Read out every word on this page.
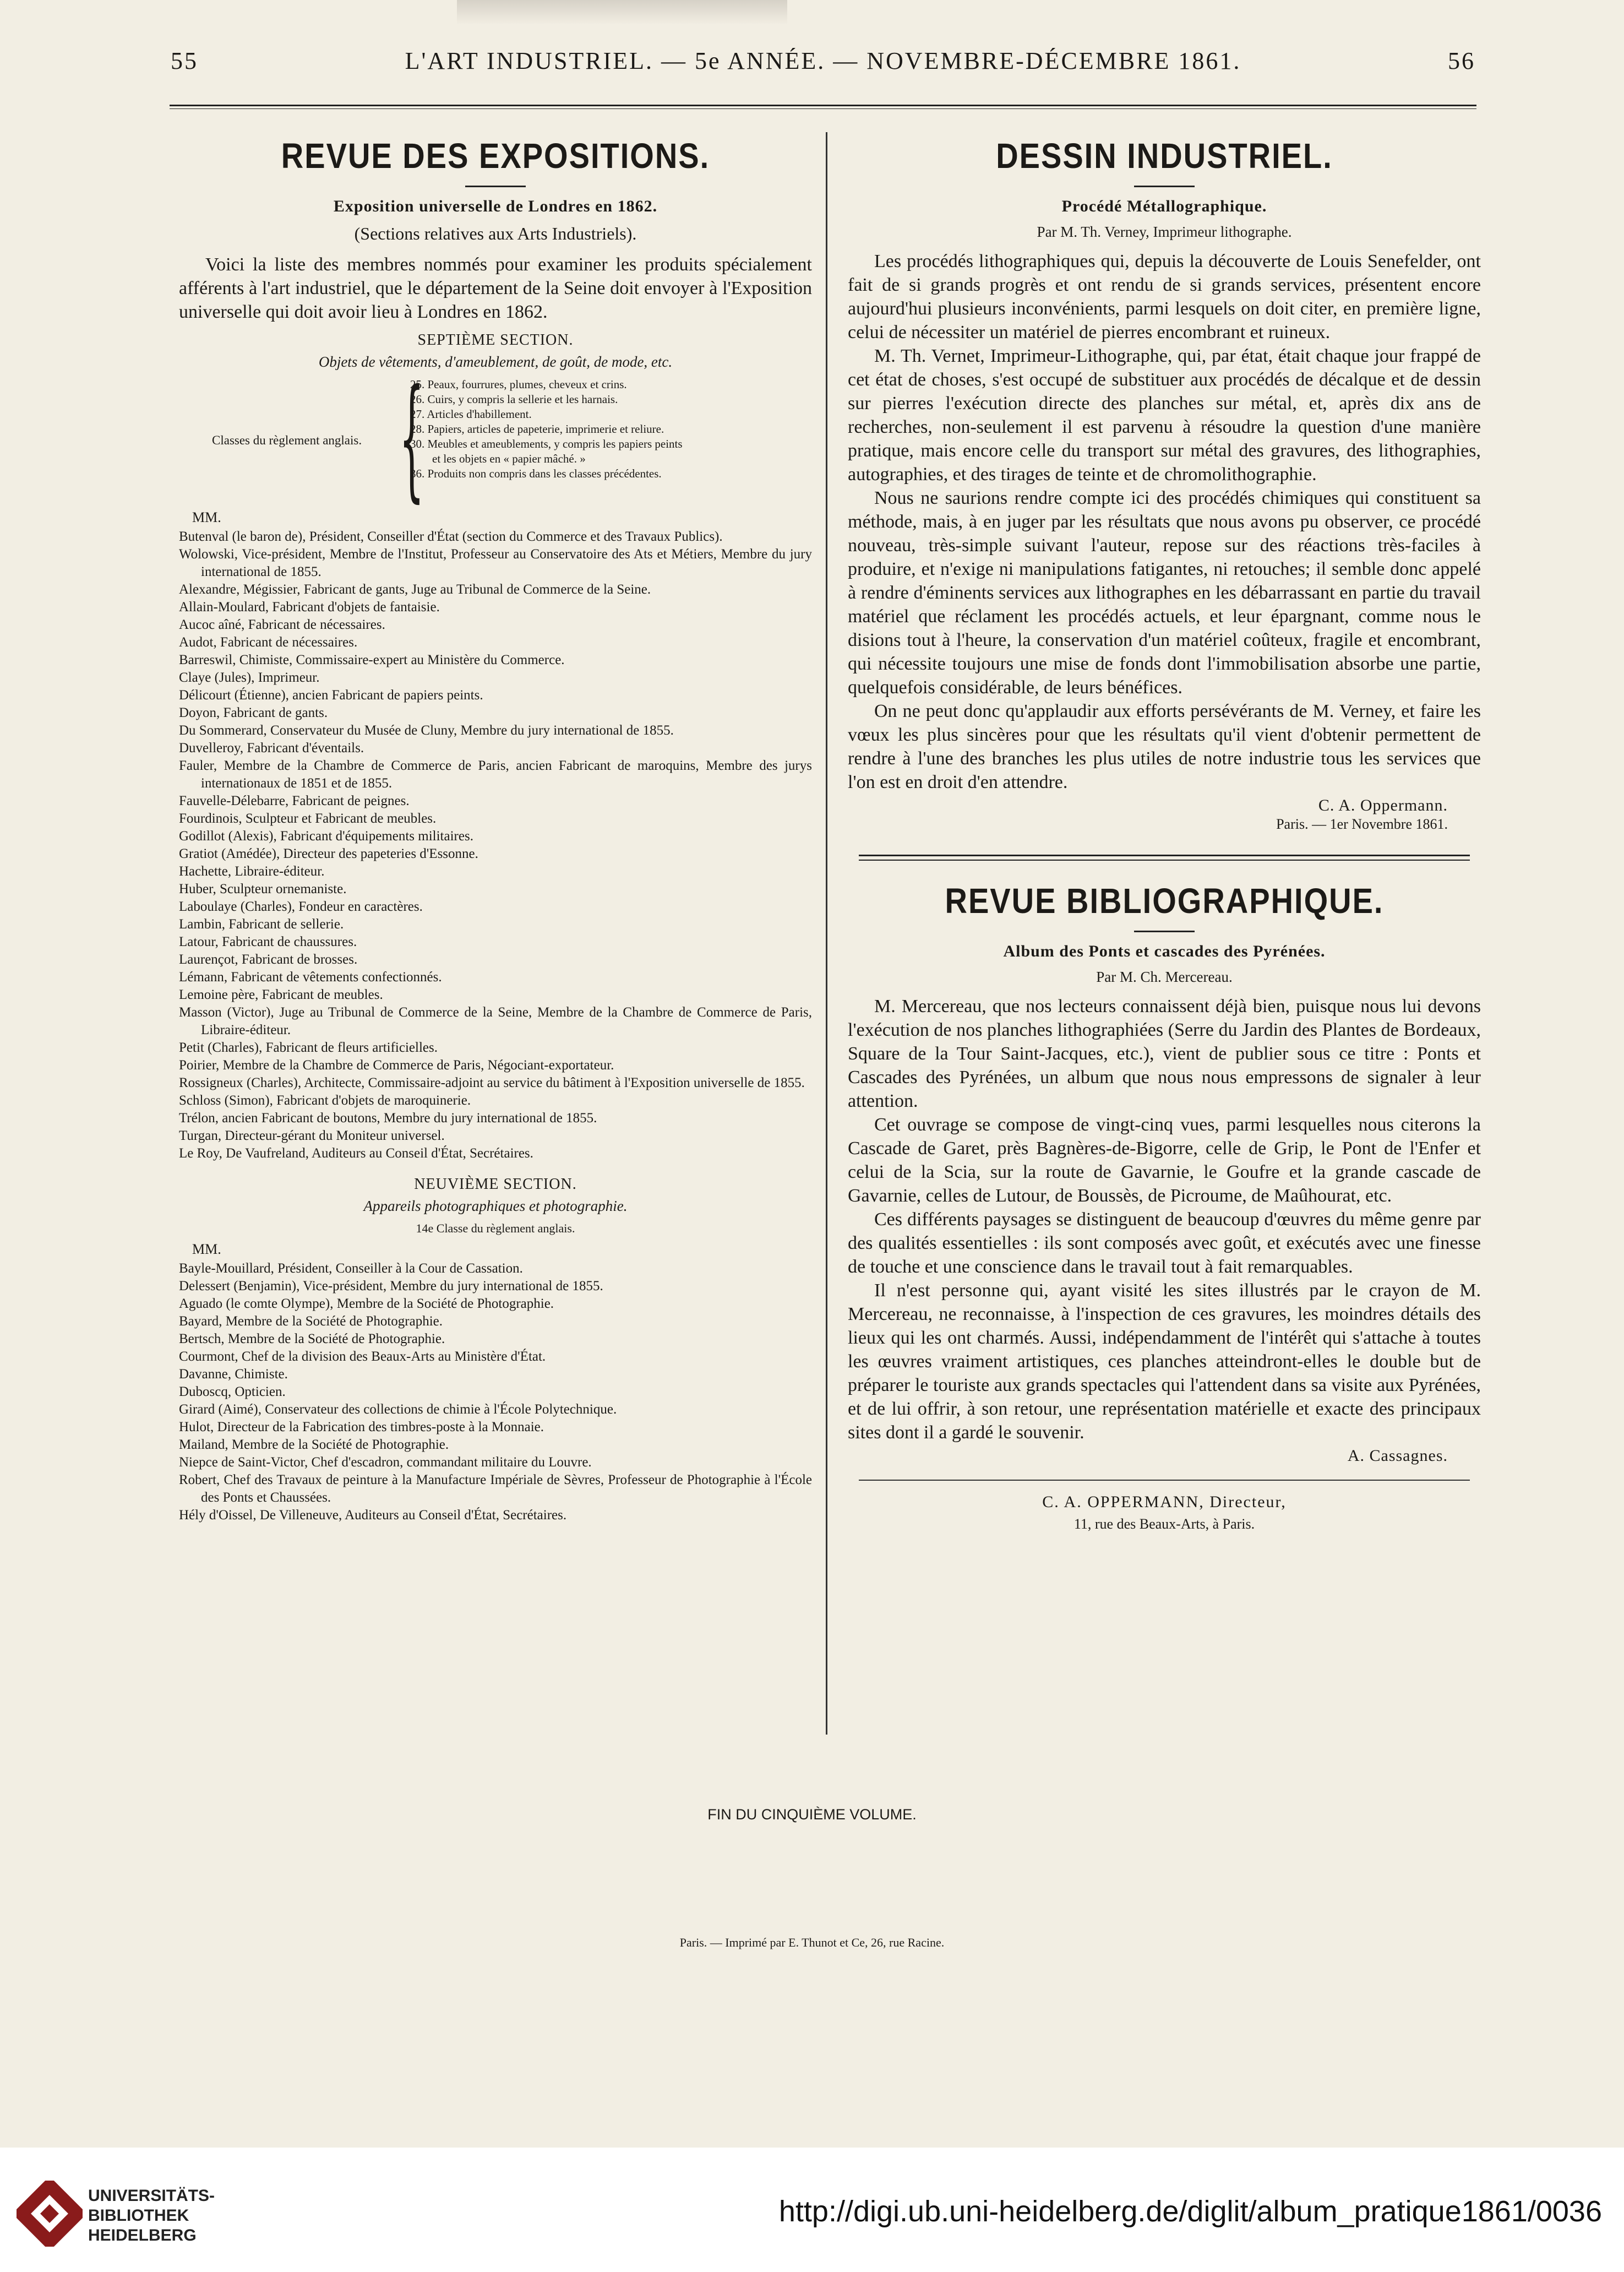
55	L'ART INDUSTRIEL. — 5e ANNÉE. — NOVEMBRE-DÉCEMBRE 1861.	56
REVUE DES EXPOSITIONS.
Exposition universelle de Londres en 1862.
(Sections relatives aux Arts Industriels).

Voici la liste des membres nommés pour examiner les produits spécialement afférents à l'art industriel, que le département de la Seine doit envoyer à l'Exposition universelle qui doit avoir lieu à Londres en 1862.

SEPTIÈME SECTION.
Objets de vêtements, d'ameublement, de goût, de mode, etc.
Classes du règlement anglais. {
25. Peaux, fourrures, plumes, cheveux et crins.
26. Cuirs, y compris la sellerie et les harnais.
27. Articles d'habillement.
28. Papiers, articles de papeterie, imprimerie et reliure.
30. Meubles et ameublements, y compris les papiers peints
et les objets en « papier mâché. »
36. Produits non compris dans les classes précédentes.
MM.
Butenval (le baron de), Président, Conseiller d'État (section du Commerce et des Travaux Publics).
Wolowski, Vice-président, Membre de l'Institut, Professeur au Conservatoire des Ats et Métiers, Membre du jury international de 1855.
Alexandre, Mégissier, Fabricant de gants, Juge au Tribunal de Commerce de la Seine.
Allain-Moulard, Fabricant d'objets de fantaisie.
Aucoc aîné, Fabricant de nécessaires.
Audot, Fabricant de nécessaires.
Barreswil, Chimiste, Commissaire-expert au Ministère du Commerce.
Claye (Jules), Imprimeur.
Délicourt (Étienne), ancien Fabricant de papiers peints.
Doyon, Fabricant de gants.
Du Sommerard, Conservateur du Musée de Cluny, Membre du jury international de 1855.
Duvelleroy, Fabricant d'éventails.
Fauler, Membre de la Chambre de Commerce de Paris, ancien Fabricant de maroquins, Membre des jurys internationaux de 1851 et de 1855.
Fauvelle-Délebarre, Fabricant de peignes.
Fourdinois, Sculpteur et Fabricant de meubles.
Godillot (Alexis), Fabricant d'équipements militaires.
Gratiot (Amédée), Directeur des papeteries d'Essonne.
Hachette, Libraire-éditeur.
Huber, Sculpteur ornemaniste.
Laboulaye (Charles), Fondeur en caractères.
Lambin, Fabricant de sellerie.
Latour, Fabricant de chaussures.
Laurençot, Fabricant de brosses.
Lémann, Fabricant de vêtements confectionnés.
Lemoine père, Fabricant de meubles.
Masson (Victor), Juge au Tribunal de Commerce de la Seine, Membre de la Chambre de Commerce de Paris, Libraire-éditeur.
Petit (Charles), Fabricant de fleurs artificielles.
Poirier, Membre de la Chambre de Commerce de Paris, Négociant-exportateur.
Rossigneux (Charles), Architecte, Commissaire-adjoint au service du bâtiment à l'Exposition universelle de 1855.
Schloss (Simon), Fabricant d'objets de maroquinerie.
Trélon, ancien Fabricant de boutons, Membre du jury international de 1855.
Turgan, Directeur-gérant du Moniteur universel.
Le Roy, De Vaufreland, Auditeurs au Conseil d'État, Secrétaires.
NEUVIÈME SECTION.
Appareils photographiques et photographie.
14e Classe du règlement anglais.
MM.
Bayle-Mouillard, Président, Conseiller à la Cour de Cassation.
Delessert (Benjamin), Vice-président, Membre du jury international de 1855.
Aguado (le comte Olympe), Membre de la Société de Photographie.
Bayard, Membre de la Société de Photographie.
Bertsch, Membre de la Société de Photographie.
Courmont, Chef de la division des Beaux-Arts au Ministère d'État.
Davanne, Chimiste.
Duboscq, Opticien.
Girard (Aimé), Conservateur des collections de chimie à l'École Polytechnique.
Hulot, Directeur de la Fabrication des timbres-poste à la Monnaie.
Mailand, Membre de la Société de Photographie.
Niepce de Saint-Victor, Chef d'escadron, commandant militaire du Louvre.
Robert, Chef des Travaux de peinture à la Manufacture Impériale de Sèvres, Professeur de Photographie à l'École des Ponts et Chaussées.
Hély d'Oissel, De Villeneuve, Auditeurs au Conseil d'État, Secrétaires.
DESSIN INDUSTRIEL.
Procédé Métallographique.
Par M. Th. Verney, Imprimeur lithographe.

Les procédés lithographiques qui, depuis la découverte de Louis Senefelder, ont fait de si grands progrès et ont rendu de si grands services, présentent encore aujourd'hui plusieurs inconvénients, parmi lesquels on doit citer, en première ligne, celui de nécessiter un matériel de pierres encombrant et ruineux.

M. Th. Vernet, Imprimeur-Lithographe, qui, par état, était chaque jour frappé de cet état de choses, s'est occupé de substituer aux procédés de décalque et de dessin sur pierres l'exécution directe des planches sur métal, et, après dix ans de recherches, non-seulement il est parvenu à résoudre la question d'une manière pratique, mais encore celle du transport sur métal des gravures, des lithographies, autographies, et des tirages de teinte et de chromolithographie.

Nous ne saurions rendre compte ici des procédés chimiques qui constituent sa méthode, mais, à en juger par les résultats que nous avons pu observer, ce procédé nouveau, très-simple suivant l'auteur, repose sur des réactions très-faciles à produire, et n'exige ni manipulations fatigantes, ni retouches; il semble donc appelé à rendre d'éminents services aux lithographes en les débarrassant en partie du travail matériel que réclament les procédés actuels, et leur épargnant, comme nous le disions tout à l'heure, la conservation d'un matériel coûteux, fragile et encombrant, qui nécessite toujours une mise de fonds dont l'immobilisation absorbe une partie, quelquefois considérable, de leurs bénéfices.

On ne peut donc qu'applaudir aux efforts persévérants de M. Verney, et faire les vœux les plus sincères pour que les résultats qu'il vient d'obtenir permettent de rendre à l'une des branches les plus utiles de notre industrie tous les services que l'on est en droit d'en attendre.

C. A. Oppermann.
Paris. — 1er Novembre 1861.
REVUE BIBLIOGRAPHIQUE.
Album des Ponts et cascades des Pyrénées.
Par M. Ch. Mercereau.

M. Mercereau, que nos lecteurs connaissent déjà bien, puisque nous lui devons l'exécution de nos planches lithographiées (Serre du Jardin des Plantes de Bordeaux, Square de la Tour Saint-Jacques, etc.), vient de publier sous ce titre : Ponts et Cascades des Pyrénées, un album que nous nous empressons de signaler à leur attention.

Cet ouvrage se compose de vingt-cinq vues, parmi lesquelles nous citerons la Cascade de Garet, près Bagnères-de-Bigorre, celle de Grip, le Pont de l'Enfer et celui de la Scia, sur la route de Gavarnie, le Goufre et la grande cascade de Gavarnie, celles de Lutour, de Boussès, de Picroume, de Maûhourat, etc.

Ces différents paysages se distinguent de beaucoup d'œuvres du même genre par des qualités essentielles : ils sont composés avec goût, et exécutés avec une finesse de touche et une conscience dans le travail tout à fait remarquables.

Il n'est personne qui, ayant visité les sites illustrés par le crayon de M. Mercereau, ne reconnaisse, à l'inspection de ces gravures, les moindres détails des lieux qui les ont charmés. Aussi, indépendamment de l'intérêt qui s'attache à toutes les œuvres vraiment artistiques, ces planches atteindront-elles le double but de préparer le touriste aux grands spectacles qui l'attendent dans sa visite aux Pyrénées, et de lui offrir, à son retour, une représentation matérielle et exacte des principaux sites dont il a gardé le souvenir.

A. Cassagnes.
C. A. OPPERMANN, Directeur,
11, rue des Beaux-Arts, à Paris.
FIN DU CINQUIÈME VOLUME.
Paris. — Imprimé par E. Thunot et Ce, 26, rue Racine.
UNIVERSITÄTS-
BIBLIOTHEK
HEIDELBERG
http://digi.ub.uni-heidelberg.de/diglit/album_pratique1861/0036
